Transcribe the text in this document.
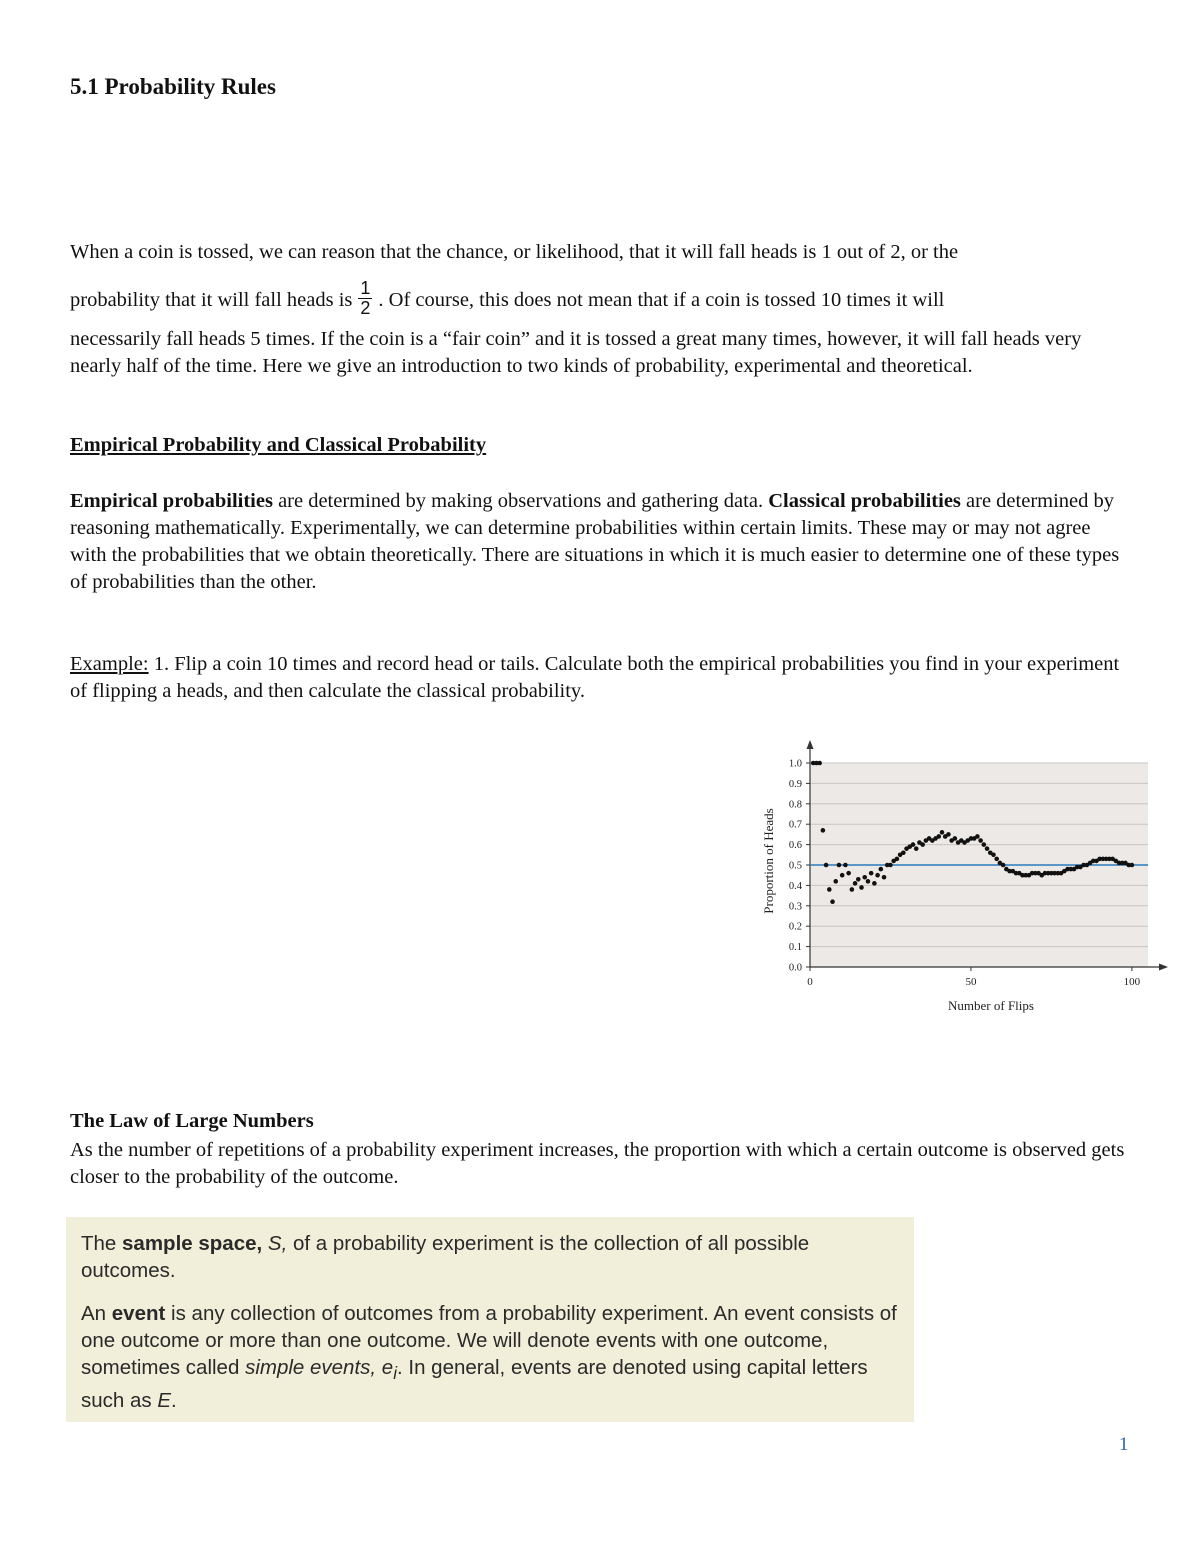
5.1 Probability Rules
When a coin is tossed, we can reason that the chance, or likelihood, that it will fall heads is 1 out of 2, or the
probability that it will fall heads is $\frac{1}{2}$ . Of course, this does not mean that if a coin is tossed 10 times it will
necessarily fall heads 5 times. If the coin is a “fair coin” and it is tossed a great many times, however, it will fall heads very nearly half of the time. Here we give an introduction to two kinds of probability, experimental and theoretical.
Empirical Probability and Classical Probability
Empirical probabilities are determined by making observations and gathering data. Classical probabilities are determined by reasoning mathematically. Experimentally, we can determine probabilities within certain limits. These may or may not agree with the probabilities that we obtain theoretically. There are situations in which it is much easier to determine one of these types of probabilities than the other.
Example: 1. Flip a coin 10 times and record head or tails. Calculate both the empirical probabilities you find in your experiment of flipping a heads, and then calculate the classical probability.
0.0
0.1
0.2
0.3
0.4
0.5
0.6
0.7
0.8
0.9
1.0
0	50	100
Number of Flips
Proportion of Heads
The Law of Large Numbers
As the number of repetitions of a probability experiment increases, the proportion with which a certain outcome is observed gets closer to the probability of the outcome.

The sample space, S, of a probability experiment is the collection of all possible outcomes.

An event is any collection of outcomes from a probability experiment. An event consists of one outcome or more than one outcome. We will denote events with one outcome, sometimes called simple events, $e_i$. In general, events are denoted using capital letters such as E.

1
